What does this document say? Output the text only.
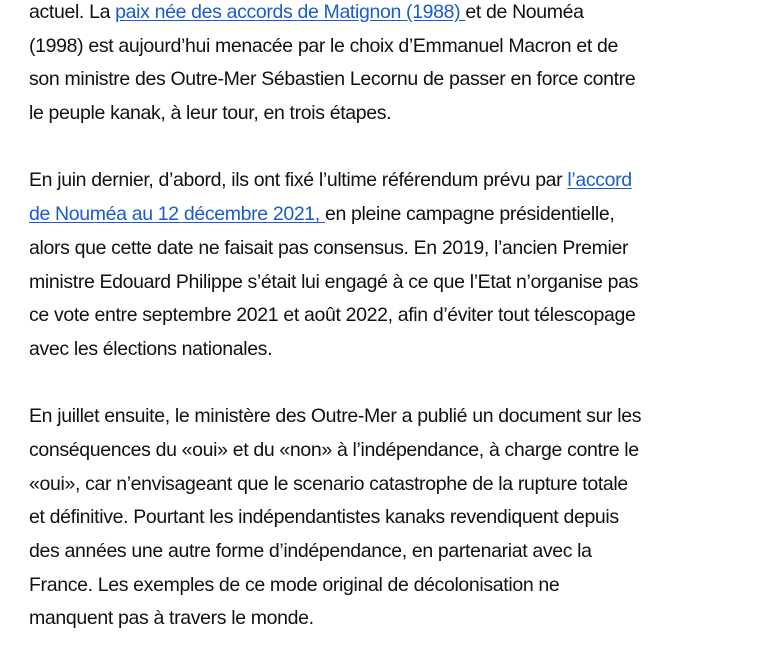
actuel. La paix née des accords de Matignon (1988) et de Nouméa
(1998) est aujourd’hui menacée par le choix d’Emmanuel Macron et de
son ministre des Outre-Mer Sébastien Lecornu de passer en force contre
le peuple kanak, à leur tour, en trois étapes.
En juin dernier, d’abord, ils ont fixé l’ultime référendum prévu par l’accord
de Nouméa au 12 décembre 2021, en pleine campagne présidentielle,
alors que cette date ne faisait pas consensus. En 2019, l’ancien Premier
ministre Edouard Philippe s’était lui engagé à ce que l’Etat n’organise pas
ce vote entre septembre 2021 et août 2022, afin d’éviter tout télescopage
avec les élections nationales.
En juillet ensuite, le ministère des Outre-Mer a publié un document sur les
conséquences du «oui» et du «non» à l’indépendance, à charge contre le
«oui», car n’envisageant que le scenario catastrophe de la rupture totale
et définitive. Pourtant les indépendantistes kanaks revendiquent depuis
des années une autre forme d’indépendance, en partenariat avec la
France. Les exemples de ce mode original de décolonisation ne
manquent pas à travers le monde.
